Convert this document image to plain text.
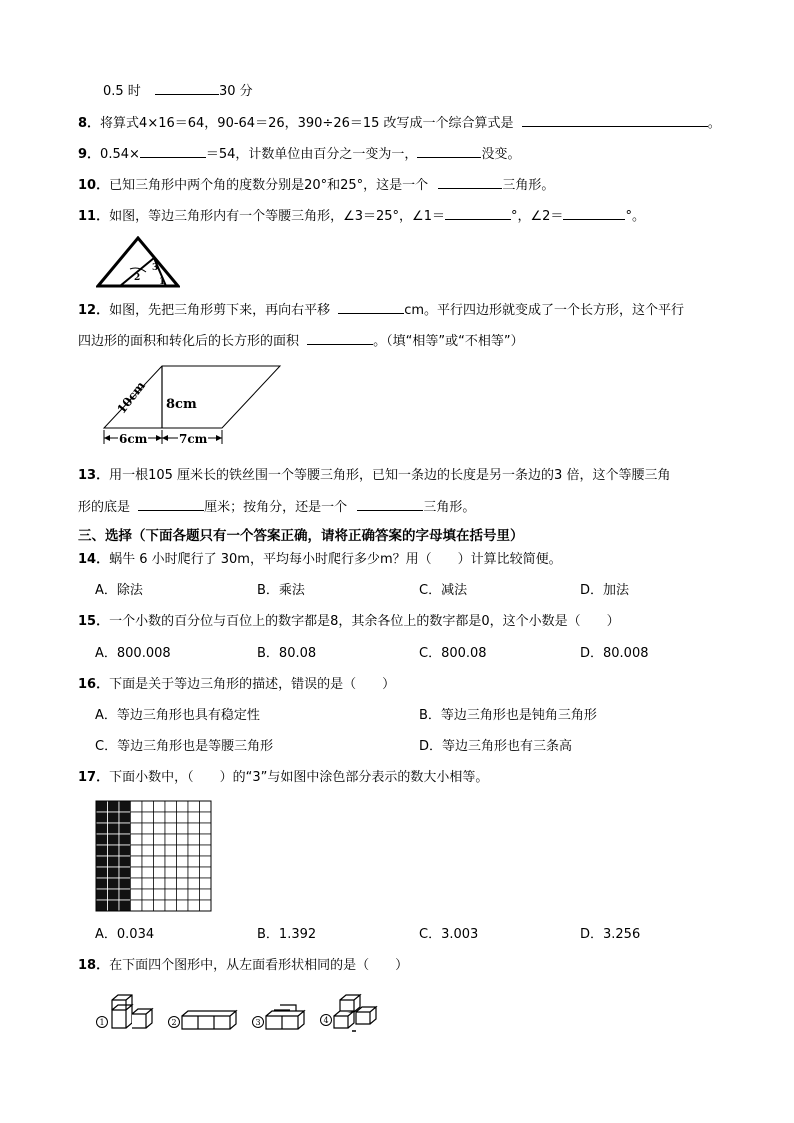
0.5 时	30 分
8．将算式4×16＝64，90-64＝26，390÷26＝15 改写成一个综合算式是	。
9．0.54×	＝54，计数单位由百分之一变为一，	没变。
10．已知三角形中两个角的度数分别是20°和25°，这是一个	三角形。
11．如图，等边三角形内有一个等腰三角形，∠3＝25°，∠1＝	°，∠2＝	°。
2
3
1
12．如图，先把三角形剪下来，再向右平移	cm。平行四边形就变成了一个长方形，这个平行
四边形的面积和转化后的长方形的面积	。（填“相等”或“不相等”）
10cm 8cm
6cm	7cm
13．用一根105 厘米长的铁丝围一个等腰三角形，已知一条边的长度是另一条边的3 倍，这个等腰三角
形的底是	厘米；按角分，还是一个	三角形。
三、选择（下面各题只有一个答案正确，请将正确答案的字母填在括号里）
14．蜗牛 6 小时爬行了 30m，平均每小时爬行多少m？用（　　）计算比较简便。
A．除法	B．乘法	C．减法	D．加法
15．一个小数的百分位与百位上的数字都是8，其余各位上的数字都是0，这个小数是（　　）
A．800.008	B．80.08	C．800.08	D．80.008
16．下面是关于等边三角形的描述，错误的是（　　）
A．等边三角形也具有稳定性	B．等边三角形也是钝角三角形
C．等边三角形也是等腰三角形	D．等边三角形也有三条高
17．下面小数中，（　　）的“3”与如图中涂色部分表示的数大小相等。
A．0.034	B．1.392	C．3.003	D．3.256
18．在下面四个图形中，从左面看形状相同的是（　　）
1	2	3	4
